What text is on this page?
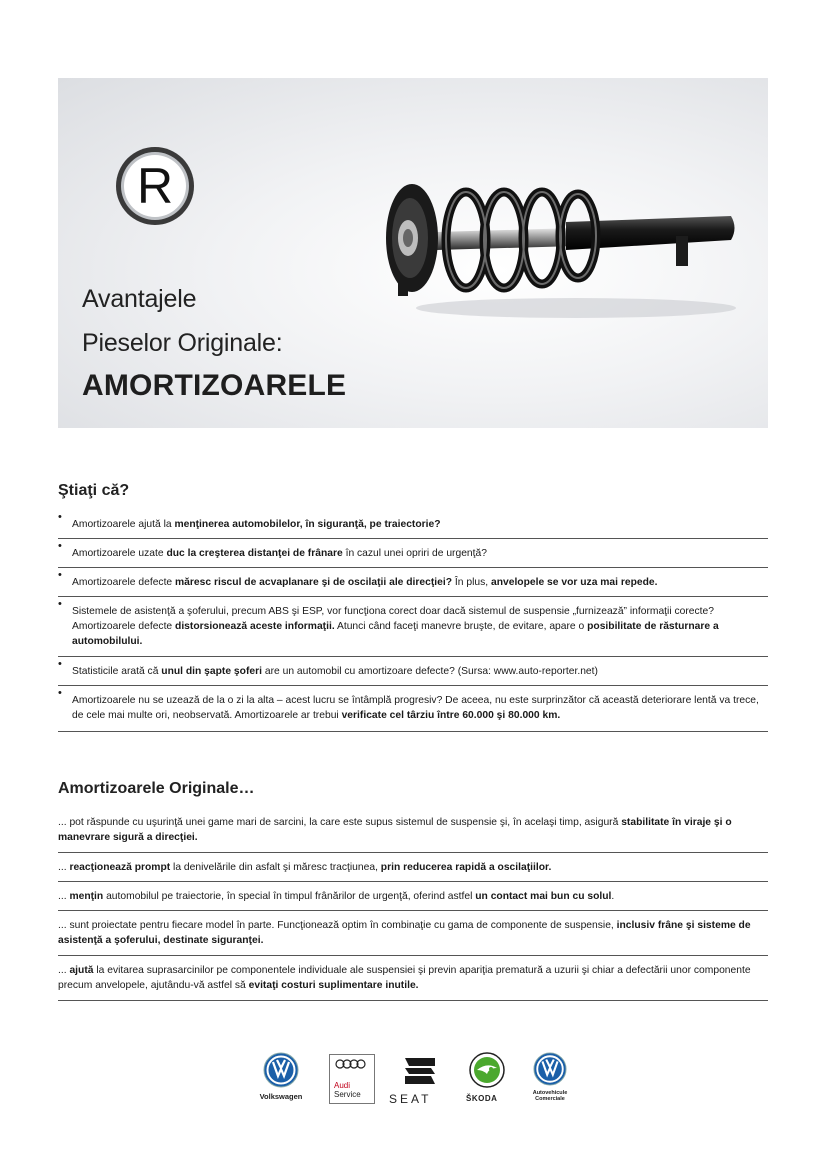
R
Avantajele
Pieselor Originale:
AMORTIZOARELE
Ştiaţi că?
• Amortizoarele ajută la menţinerea automobilelor, în siguranţă, pe traiectorie?
• Amortizoarele uzate duc la creşterea distanţei de frânare în cazul unei opriri de urgenţă?
• Amortizoarele defecte măresc riscul de acvaplanare şi de oscilaţii ale direcţiei? În plus, anvelopele se vor uza mai repede.
• Sistemele de asistenţă a şoferului, precum ABS şi ESP, vor funcţiona corect doar dacă sistemul de suspensie „furnizează” informaţii corecte? Amortizoarele defecte distorsionează aceste informaţii. Atunci când faceţi manevre bruşte, de evitare, apare o posibilitate de răsturnare a automobilului.
• Statisticile arată că unul din şapte şoferi are un automobil cu amortizoare defecte? (Sursa: www.auto-reporter.net)
• Amortizoarele nu se uzează de la o zi la alta – acest lucru se întâmplă progresiv? De aceea, nu este surprinzător că această deteriorare lentă va trece, de cele mai multe ori, neobservată. Amortizoarele ar trebui verificate cel târziu între 60.000 şi 80.000 km.
Amortizoarele Originale…
... pot răspunde cu uşurinţă unei game mari de sarcini, la care este supus sistemul de suspensie şi, în acelaşi timp, asigură stabilitate în viraje şi o manevrare sigură a direcţiei.
... reacţionează prompt la denivelările din asfalt şi măresc tracţiunea, prin reducerea rapidă a oscilaţiilor.
... menţin automobilul pe traiectorie, în special în timpul frânărilor de urgenţă, oferind astfel un contact mai bun cu solul.
... sunt proiectate pentru fiecare model în parte. Funcţionează optim în combinaţie cu gama de componente de suspensie, inclusiv frâne şi sisteme de asistenţă a şoferului, destinate siguranţei.
... ajută la evitarea suprasarcinilor pe componentele individuale ale suspensiei şi previn apariţia prematură a uzurii şi chiar a defectării unor componente precum anvelopele, ajutându-vă astfel să evitaţi costuri suplimentare inutile.
Volkswagen
Audi
Service SEAT	ŠKODA
Autovehicule
Comerciale
